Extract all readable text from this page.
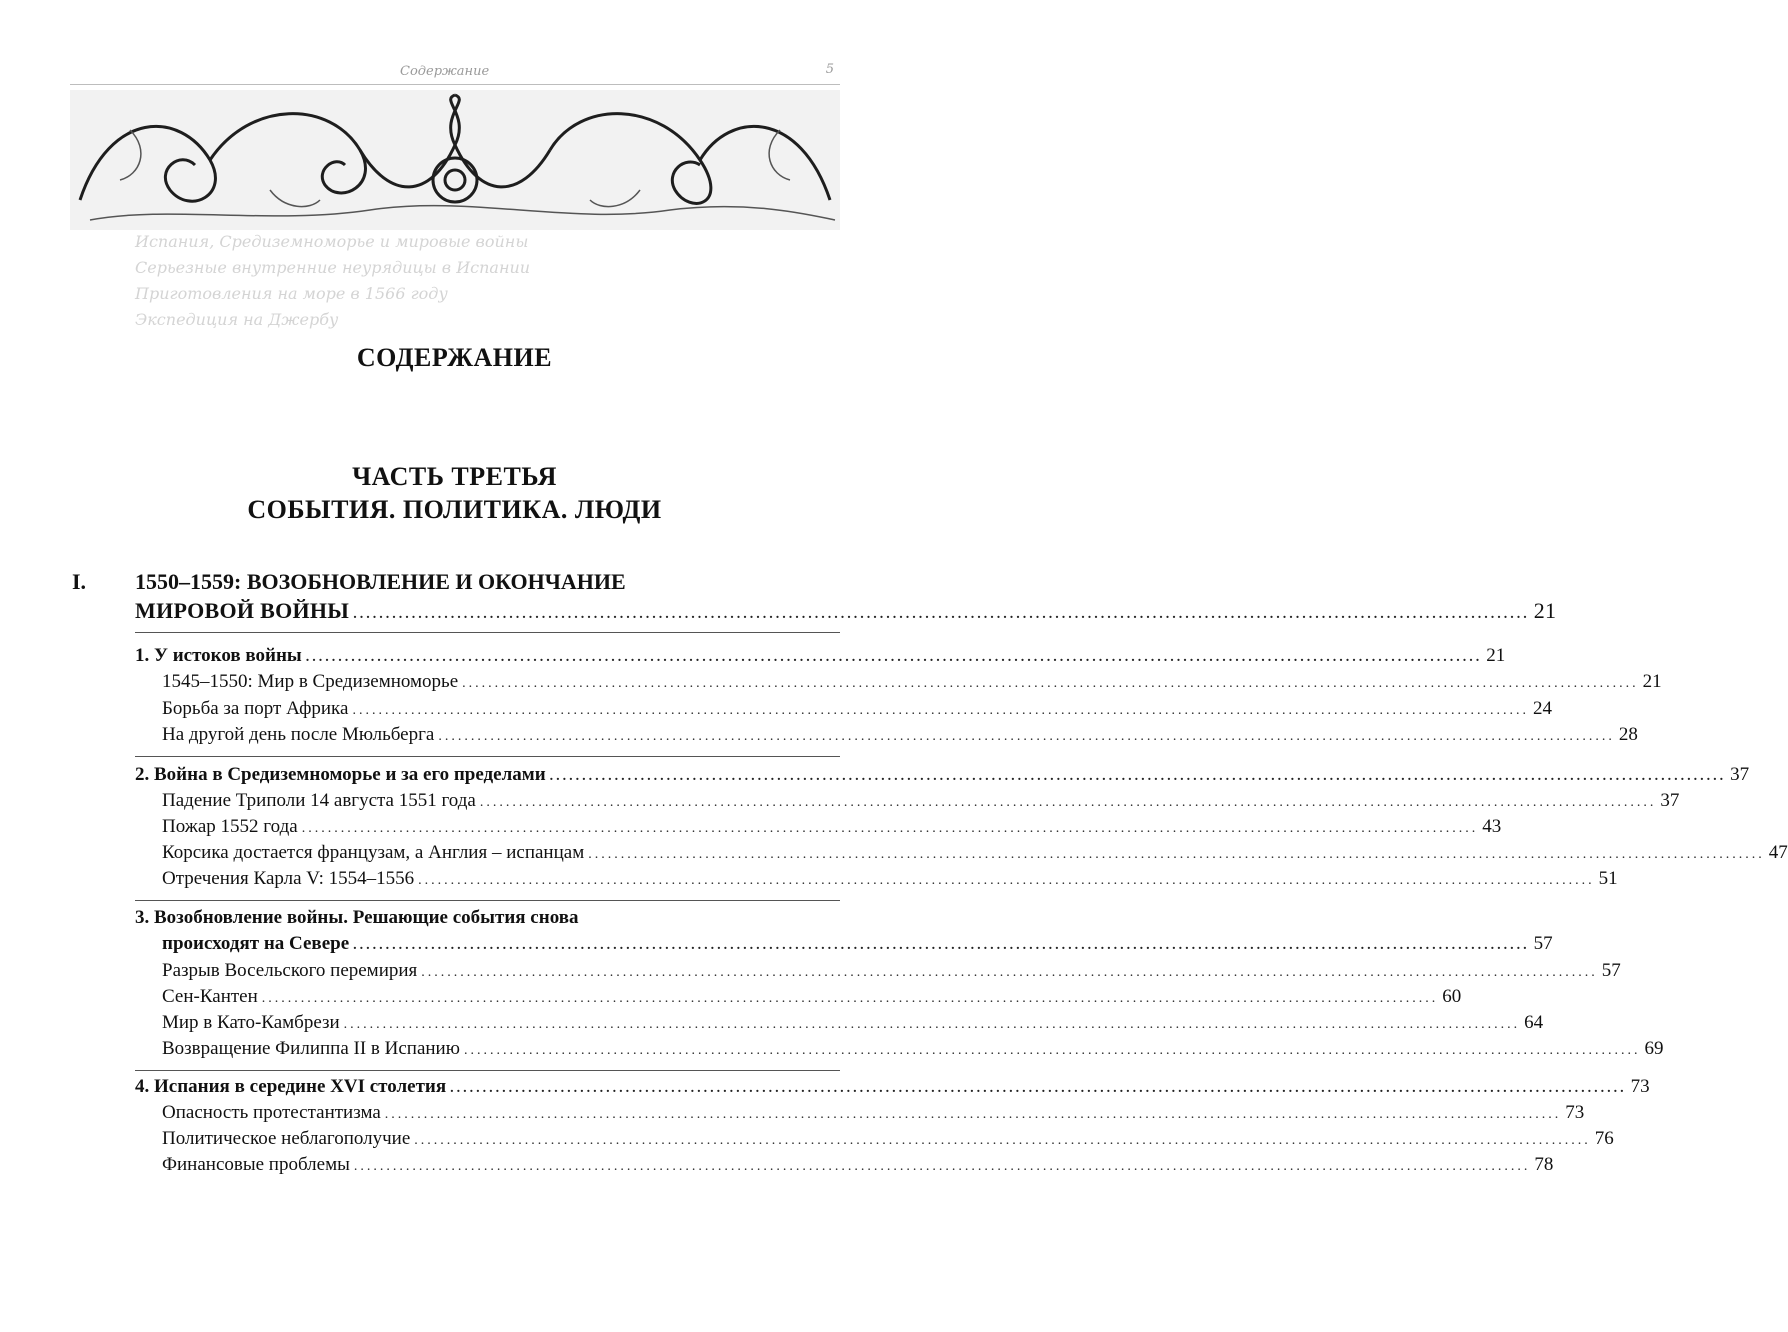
Содержание	5
Испания, Средиземноморье и мировые войны
Серьезные внутренние неурядицы в Испании
Приготовления на море в 1566 году
Экспедиция на Джербу
СОДЕРЖАНИЕ
ЧАСТЬ ТРЕТЬЯ
СОБЫТИЯ. ПОЛИТИКА. ЛЮДИ
I. 1550–1559: ВОЗОБНОВЛЕНИЕ И ОКОНЧАНИЕ
МИРОВОЙ ВОЙНЫ ..................................................................................................................................................................................... 21
1. У истоков войны ..................................................................................................................................................................................... 21
1545–1550: Мир в Средиземноморье ..................................................................................................................................................................................... 21
Борьба за порт Африка ..................................................................................................................................................................................... 24
На другой день после Мюльберга ..................................................................................................................................................................................... 28
2. Война в Средиземноморье и за его пределами ..................................................................................................................................................................................... 37
Падение Триполи 14 августа 1551 года ..................................................................................................................................................................................... 37
Пожар 1552 года ..................................................................................................................................................................................... 43
Корсика достается французам, а Англия – испанцам ..................................................................................................................................................................................... 47
Отречения Карла V: 1554–1556 ..................................................................................................................................................................................... 51
3. Возобновление войны. Решающие события снова
происходят на Севере ..................................................................................................................................................................................... 57
Разрыв Восельского перемирия ..................................................................................................................................................................................... 57
Сен-Кантен ..................................................................................................................................................................................... 60
Мир в Като-Камбрези ..................................................................................................................................................................................... 64
Возвращение Филиппа II в Испанию ..................................................................................................................................................................................... 69
4. Испания в середине XVI столетия ..................................................................................................................................................................................... 73
Опасность протестантизма ..................................................................................................................................................................................... 73
Политическое неблагополучие ..................................................................................................................................................................................... 76
Финансовые проблемы ..................................................................................................................................................................................... 78
